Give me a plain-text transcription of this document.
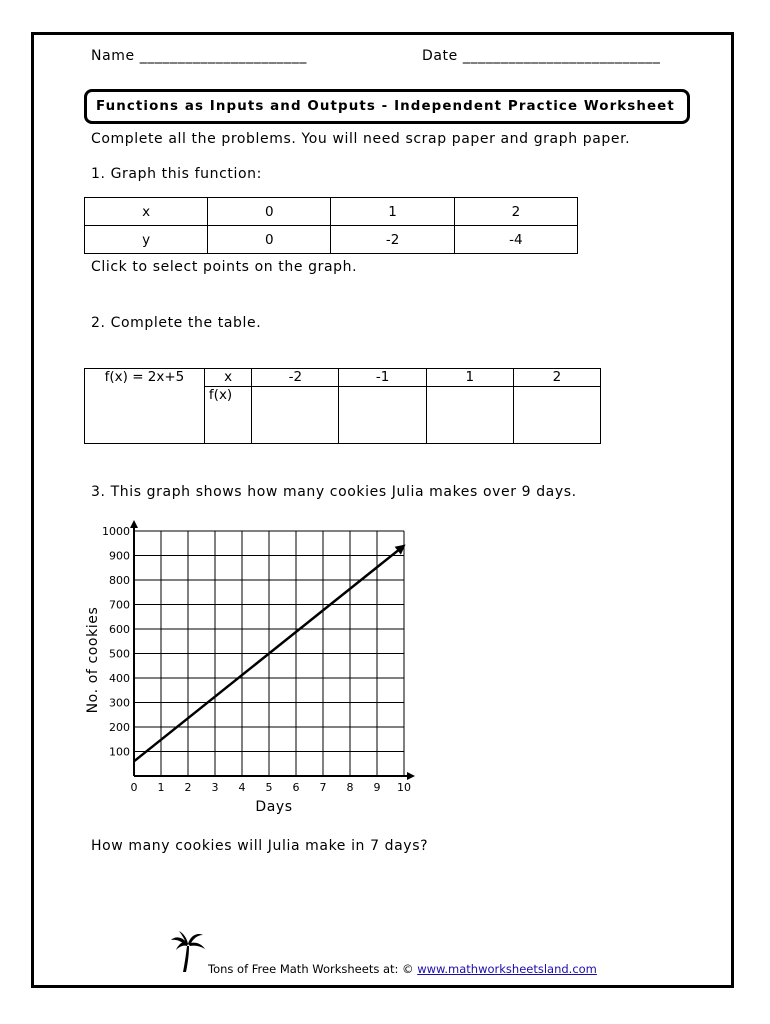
Name ______________________	Date __________________________
Functions as Inputs and Outputs - Independent Practice Worksheet
Complete all the problems. You will need scrap paper and graph paper.
1. Graph this function:
x	0	1	2
y	0	-2	-4
Click to select points on the graph.
2. Complete the table.
f(x) = 2x+5	x	-2	-1	1	2
	f(x)				
3. This graph shows how many cookies Julia makes over 9 days.
0 1 2 3 4 5 6 7 8 9 10
100
200
300
400
500
600
700
800
900
1000
Days
No. of cookies
How many cookies will Julia make in 7 days?
Tons of Free Math Worksheets at: © www.mathworksheetsland.com
